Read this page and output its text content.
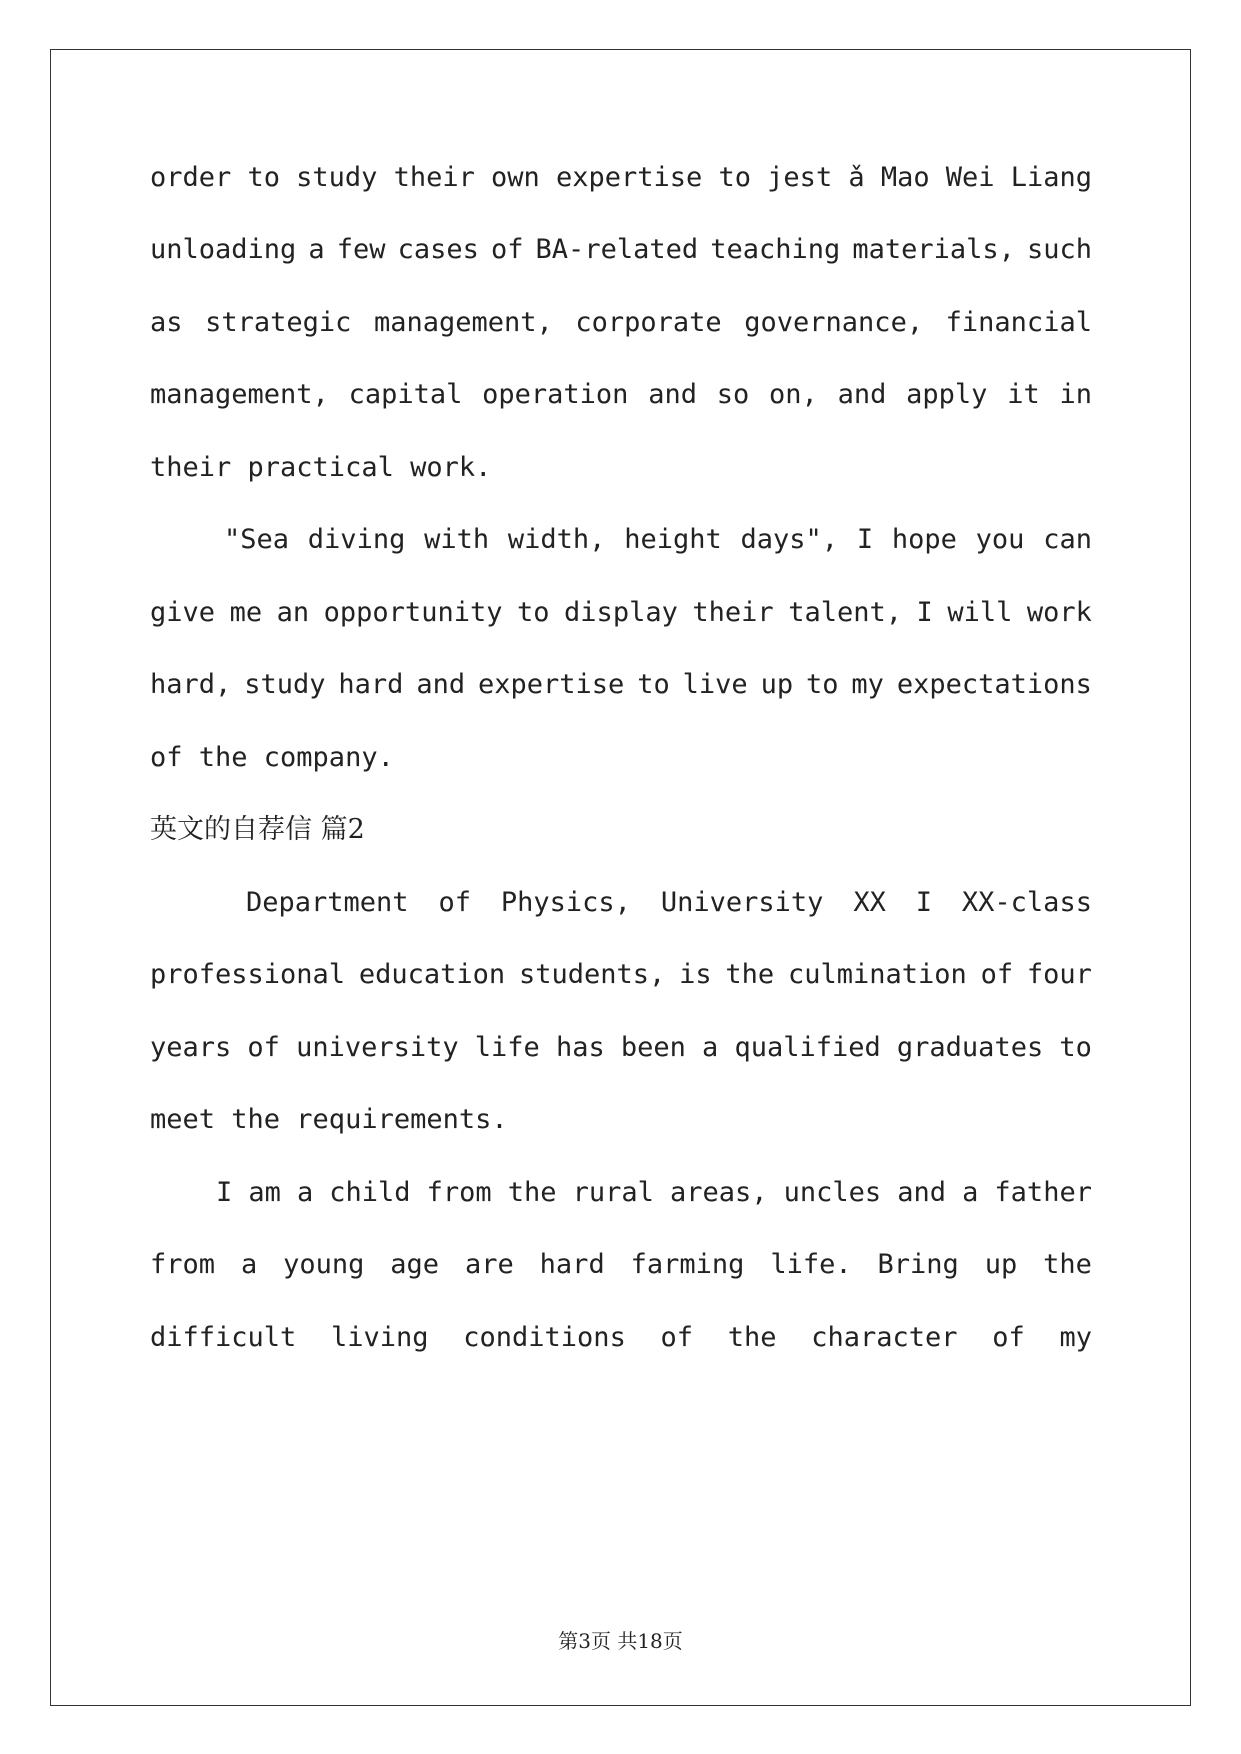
order to study their own expertise to jest ǎ Mao Wei Liang
unloading a few cases of BA-related teaching materials, such
as strategic management, corporate governance, financial
management, capital operation and so on, and apply it in
their practical work.
"Sea diving with width, height days", I hope you can
give me an opportunity to display their talent, I will work
hard, study hard and expertise to live up to my expectations
of the company.
英文的自荐信 篇2
Department of Physics, University XX I XX-class
professional education students, is the culmination of four
years of university life has been a qualified graduates to
meet the requirements.
I am a child from the rural areas, uncles and a father
from a young age are hard farming life. Bring up the
difficult living conditions of the character of my
第3页 共18页
